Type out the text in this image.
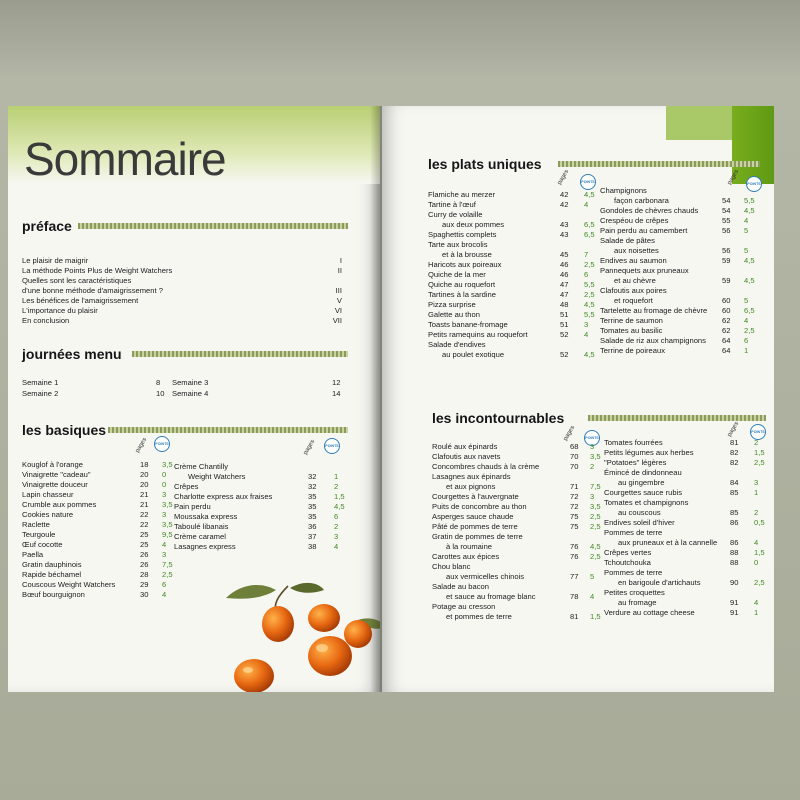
Sommaire
préface
Le plaisir de maigrir	I
La méthode Points Plus de Weight Watchers	II
Quelles sont les caractéristiques
d'une bonne méthode d'amaigrissement ?	III
Les bénéfices de l'amaigrissement	V
L'importance du plaisir	VI
En conclusion	VII
journées menu
Semaine 1	8
Semaine 2	10
Semaine 3	12
Semaine 4	14
les basiques
pages	POINTS	pages	POINTS
Kouglof à l'orange	18 3,5
Vinaigrette "cadeau"	20 0
Vinaigrette douceur	20 0
Lapin chasseur	21 3
Crumble aux pommes	21 3,5
Cookies nature	22 3
Raclette	22 3,5
Teurgoule	25 9,5
Œuf cocotte	25 4
Paella	26 3
Gratin dauphinois	26 7,5
Rapide béchamel	28 2,5
Couscous Weight Watchers	29 6
Bœuf bourguignon	30 4
Crème Chantilly
Weight Watchers	32 1
Crêpes	32 2
Charlotte express aux fraises	35 1,5
Pain perdu	35 4,5
Moussaka express	35 6
Taboulé libanais	36 2
Crème caramel	37 3
Lasagnes express	38 4
les plats uniques
pages	POINTS	pages	POINTS
Flamiche au merzer	42 4,5
Tartine à l'œuf	42 4
Curry de volaille
aux deux pommes	43 6,5
Spaghettis complets	43 6,5
Tarte aux brocolis
et à la brousse	45 7
Haricots aux poireaux	46 2,5
Quiche de la mer	46 6
Quiche au roquefort	47 5,5
Tartines à la sardine	47 2,5
Pizza surprise	48 4,5
Galette au thon	51 5,5
Toasts banane-fromage	51 3
Petits ramequins au roquefort	52 4
Salade d'endives
au poulet exotique	52 4,5
Champignons
façon carbonara	54 5,5
Gondoles de chèvres chauds	54 4,5
Crespéou de crêpes	55 4
Pain perdu au camembert	56 5
Salade de pâtes
aux noisettes	56 5
Endives au saumon	59 4,5
Pannequets aux pruneaux
et au chèvre	59 4,5
Clafoutis aux poires
et roquefort	60 5
Tartelette au fromage de chèvre 60 6,5
Terrine de saumon	62 4
Tomates au basilic	62 2,5
Salade de riz aux champignons 64 6
Terrine de poireaux	64 1
les incontournables
pages	POINTS	pages	POINTS
Roulé aux épinards	68 3
Clafoutis aux navets	70 3,5
Concombres chauds à la crème	70 2
Lasagnes aux épinards
et aux pignons	71 7,5
Courgettes à l'auvergnate	72 3
Puits de concombre au thon	72 3,5
Asperges sauce chaude	75 2,5
Pâté de pommes de terre	75 2,5
Gratin de pommes de terre
à la roumaine	76 4,5
Carottes aux épices	76 2,5
Chou blanc
aux vermicelles chinois	77 5
Salade au bacon
et sauce au fromage blanc	78 4
Potage au cresson
et pommes de terre	81 1,5
Tomates fourrées	81 2
Petits légumes aux herbes	82 1,5
"Potatoes" légères	82 2,5
Émincé de dindonneau
au gingembre	84 3
Courgettes sauce rubis	85 1
Tomates et champignons
au couscous	85 2
Endives soleil d'hiver	86 0,5
Pommes de terre
aux pruneaux et à la cannelle 86 4
Crêpes vertes	88 1,5
Tchoutchouka	88 0
Pommes de terre
en barigoule d'artichauts	90 2,5
Petites croquettes
au fromage	91 4
Verdure au cottage cheese	91 1
